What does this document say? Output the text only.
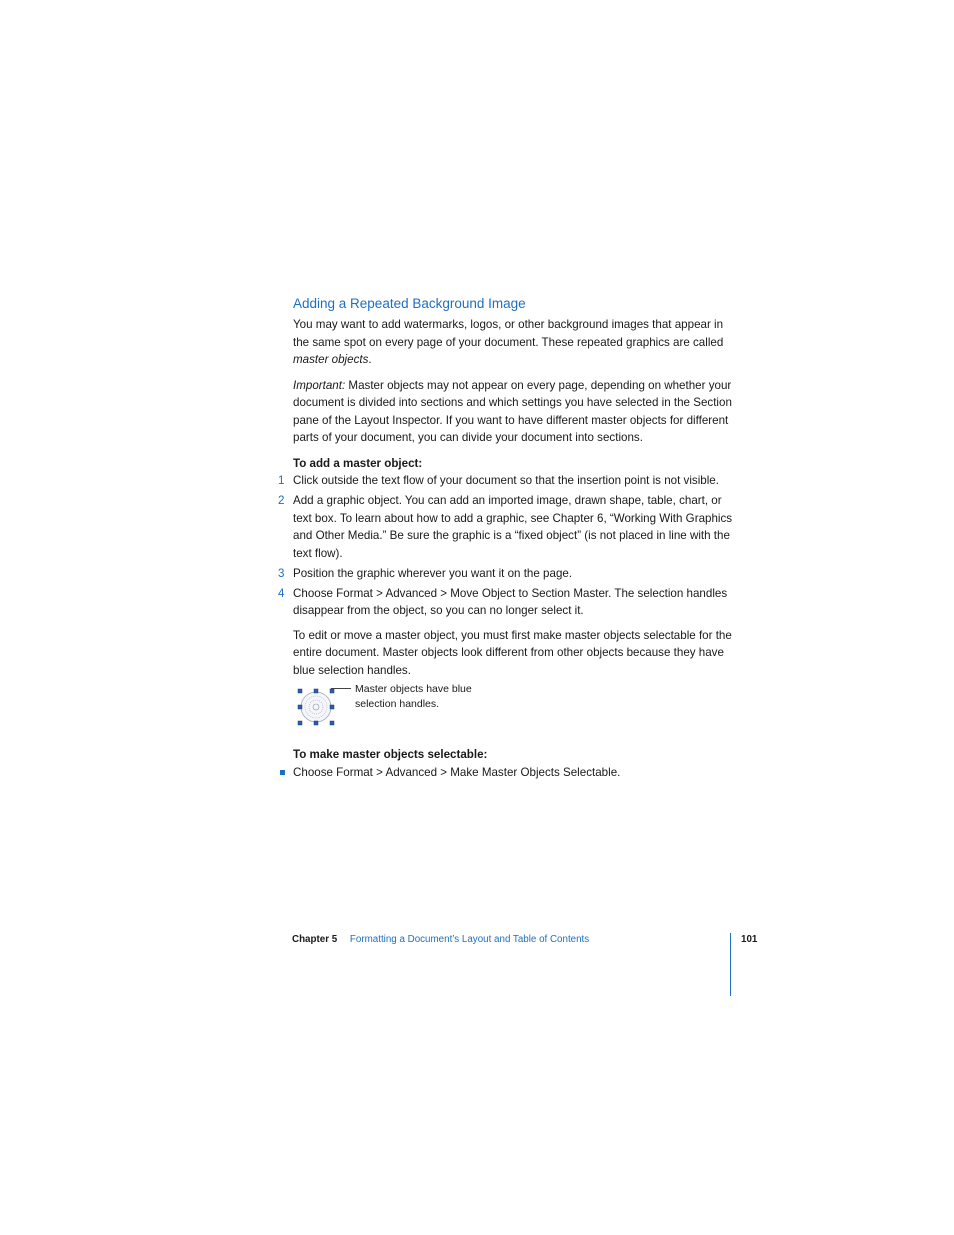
Adding a Repeated Background Image

You may want to add watermarks, logos, or other background images that appear in the same spot on every page of your document. These repeated graphics are called master objects.

Important: Master objects may not appear on every page, depending on whether your document is divided into sections and which settings you have selected in the Section pane of the Layout Inspector. If you want to have different master objects for different parts of your document, you can divide your document into sections.

To add a master object:

1 Click outside the text flow of your document so that the insertion point is not visible.
2 Add a graphic object. You can add an imported image, drawn shape, table, chart, or text box. To learn about how to add a graphic, see Chapter 6, “Working With Graphics and Other Media.” Be sure the graphic is a “fixed object” (is not placed in line with the text flow).
3 Position the graphic wherever you want it on the page.
4 Choose Format > Advanced > Move Object to Section Master. The selection handles disappear from the object, so you can no longer select it.

To edit or move a master object, you must first make master objects selectable for the entire document. Master objects look different from other objects because they have blue selection handles.

Master objects have blue selection handles.

To make master objects selectable:

Choose Format > Advanced > Make Master Objects Selectable.
Chapter 5 Formatting a Document’s Layout and Table of Contents	101
